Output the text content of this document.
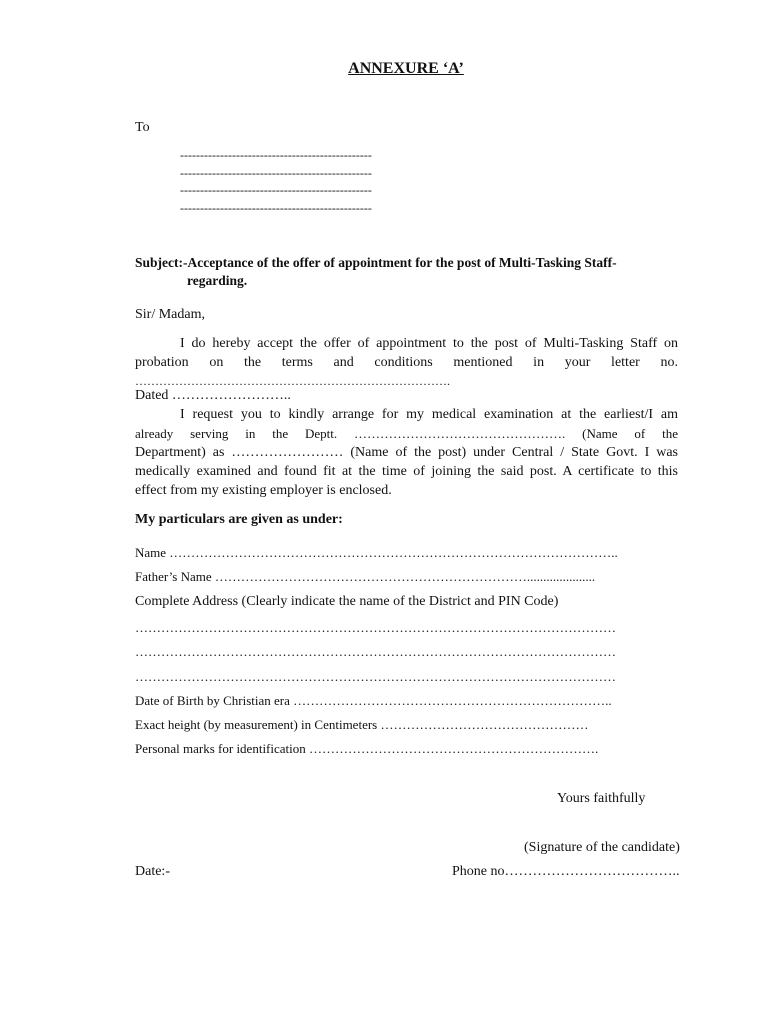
ANNEXURE ‘A’
To
------------------------------------------------
------------------------------------------------
------------------------------------------------
------------------------------------------------
Subject:-Acceptance of the offer of appointment for the post of Multi-Tasking Staff-
regarding.
Sir/ Madam,
I do hereby accept the offer of appointment to the post of Multi-Tasking Staff on
probation on the terms and conditions mentioned in your letter no.
…………………………………………………………………….
Dated ……………………..
I request you to kindly arrange for my medical examination at the earliest/I am
already serving in the Deptt. …………………………………………. (Name of the
Department) as …………………… (Name of the post) under Central / State Govt. I was
medically examined and found fit at the time of joining the said post. A certificate to this
effect from my existing employer is enclosed.
My particulars are given as under:
Name …………………………………………………………………………………………..
Father’s Name ……………………………………………………………….....................
Complete Address (Clearly indicate the name of the District and PIN Code)
…………………………………………………………………………………………………
…………………………………………………………………………………………………
…………………………………………………………………………………………………
Date of Birth by Christian era ………………………………………………………………..
Exact height (by measurement) in Centimeters …………………………………………
Personal marks for identification ………………………………………………………….
Yours faithfully
(Signature of the candidate)
Date:-	Phone no………………………………..
